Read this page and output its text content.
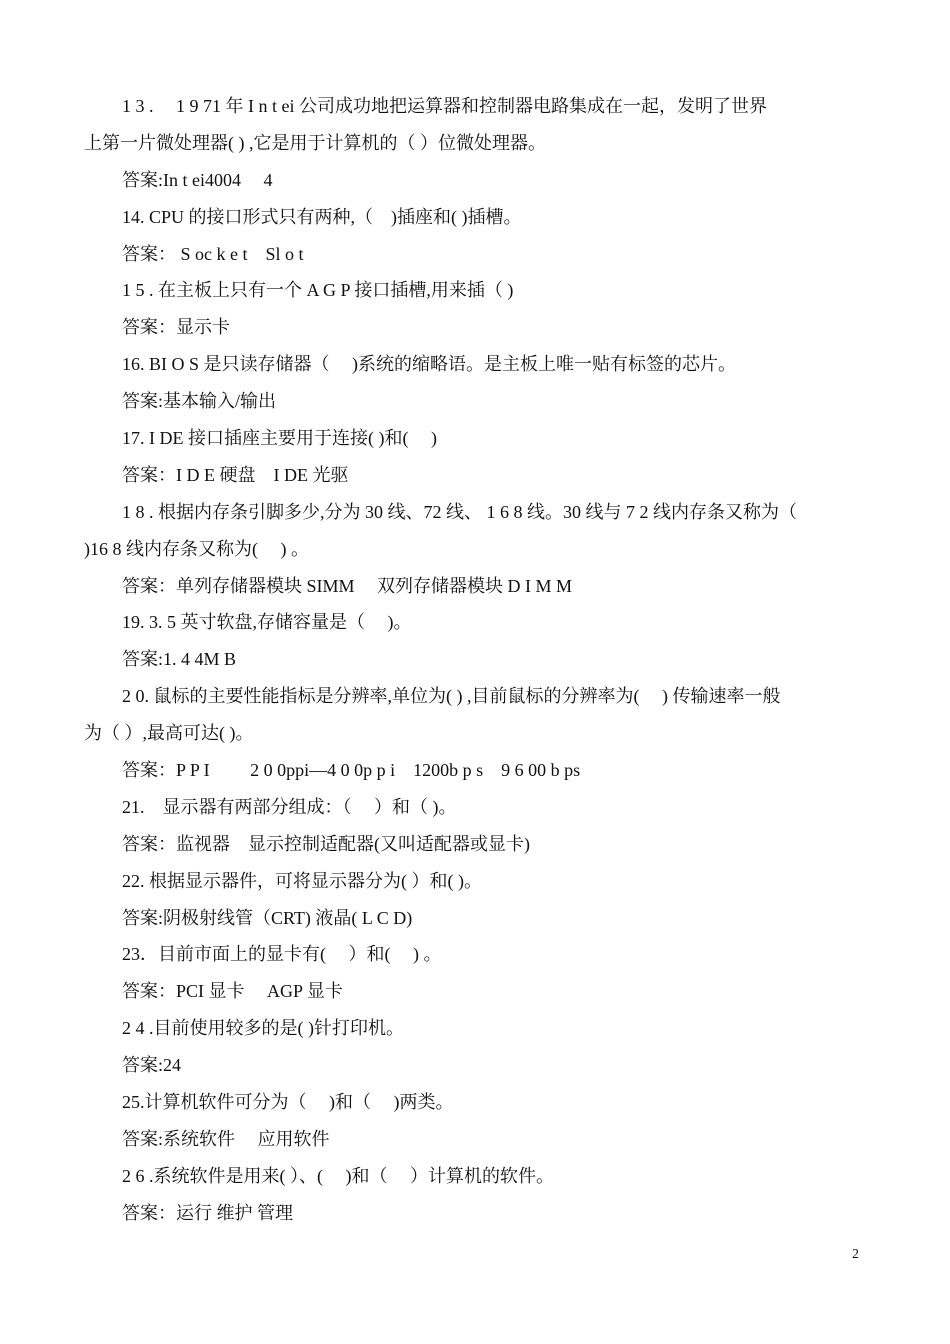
1 3 .　 1 9 71 年 I n t ei 公司成功地把运算器和控制器电路集成在一起，发明了世界
上第一片微处理器( ) ,它是用于计算机的（ ）位微处理器。
答案:In t ei4004　 4
14. CPU 的接口形式只有两种,（　)插座和( )插槽。
答案： S oc k e t　Sl o t
1 5 . 在主板上只有一个 A G P 接口插槽,用来插（ )
答案：显示卡
16. BI O S 是只读存储器（　 )系统的缩略语。是主板上唯一贴有标签的芯片。
答案:基本输入/输出
17. I DE 接口插座主要用于连接( )和(　 )
答案：I D E 硬盘　I DE 光驱
1 8 . 根据内存条引脚多少,分为 30 线、72 线、 1 6 8 线。30 线与 7 2 线内存条又称为（
)16 8 线内存条又称为(　 ) 。
答案：单列存储器模块 SIMM　 双列存储器模块 D I M M
19. 3. 5 英寸软盘,存储容量是（　 )。
答案:1. 4 4M B
2 0. 鼠标的主要性能指标是分辨率,单位为( ) ,目前鼠标的分辨率为(　 ) 传输速率一般
为（ ）,最高可达( )。
答案：P P I　　 2 0 0ppi—4 0 0p p i　1200b p s　9 6 00 b ps
21.　显示器有两部分组成：（　 ）和（ )。
答案：监视器　显示控制适配器(又叫适配器或显卡)
22. 根据显示器件，可将显示器分为( ）和( )。
答案:阴极射线管（CRT) 液晶( L C D)
23．目前市面上的显卡有(　 ）和(　 ) 。
答案：PCI 显卡　 AGP 显卡
2 4 .目前使用较多的是( )针打印机。
答案:24
25.计算机软件可分为（　 )和（　 )两类。
答案:系统软件　 应用软件
2 6 .系统软件是用来( ）、(　 )和（　 ）计算机的软件。
答案：运行 维护 管理
2
